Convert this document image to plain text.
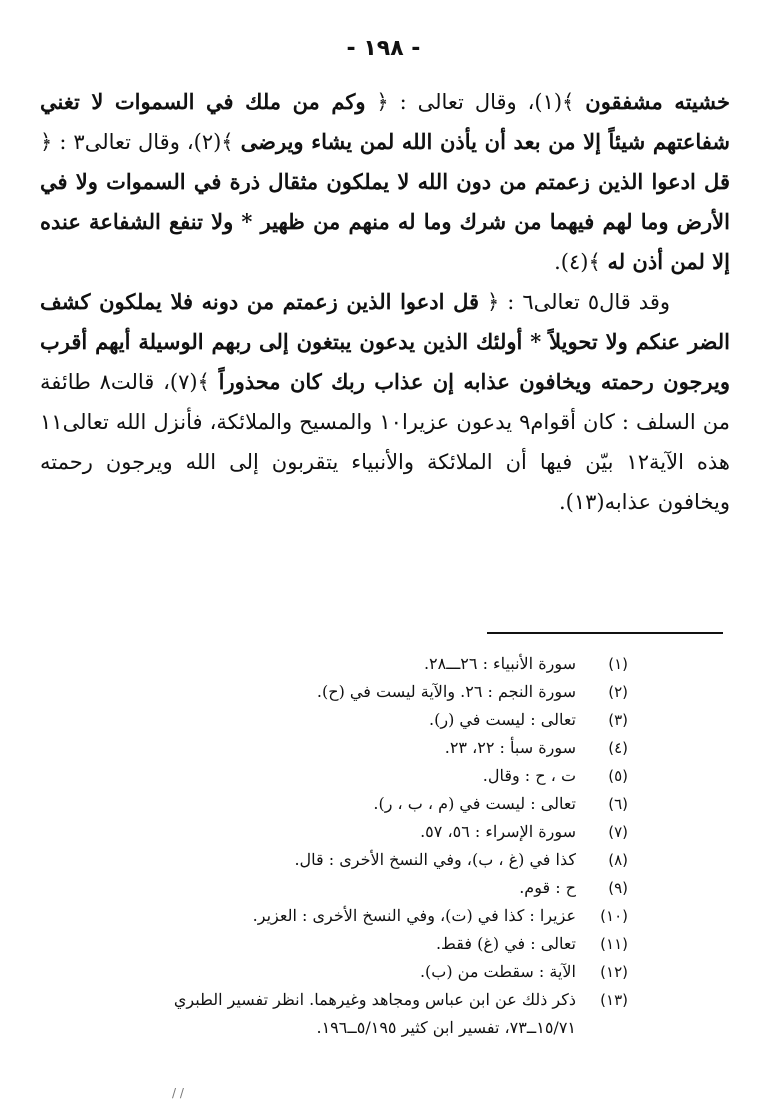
- ١٩٨ -

خشيته مشفقون ﴾(١)، وقال تعالى : ﴿ وكم من ملك في السموات لا تغني شفاعتهم شيئاً إلا من بعد أن يأذن الله لمن يشاء ويرضى ﴾(٢)، وقال تعالى٣ : ﴿ قل ادعوا الذين زعمتم من دون الله لا يملكون مثقال ذرة في السموات ولا في الأرض وما لهم فيهما من شرك وما له منهم من ظهير * ولا تنفع الشفاعة عنده إلا لمن أذن له ﴾(٤).

وقد قال٥ تعالى٦ : ﴿ قل ادعوا الذين زعمتم من دونه فلا يملكون كشف الضر عنكم ولا تحويلاً * أولئك الذين يدعون يبتغون إلى ربهم الوسيلة أيهم أقرب ويرجون رحمته ويخافون عذابه إن عذاب ربك كان محذوراً ﴾(٧)، قالت٨ طائفة من السلف : كان أقوام٩ يدعون عزيرا١٠ والمسيح والملائكة، فأنزل الله تعالى١١ هذه الآية١٢ بيّن فيها أن الملائكة والأنبياء يتقربون إلى الله ويرجون رحمته ويخافون عذابه(١٣).

(١)
سورة الأنبياء : ٢٦ـــ٢٨.
(٢)
سورة النجم : ٢٦. والآية ليست في (ح).
(٣)
تعالى : ليست في (ر).
(٤)
سورة سبأ : ٢٢، ٢٣.
(٥)
ت ، ح : وقال.
(٦)
تعالى : ليست في (م ، ب ، ر).
(٧)
سورة الإسراء : ٥٦، ٥٧.
(٨)
كذا في (غ ، ب)، وفي النسخ الأخرى : قال.
(٩)
ح : قوم.
(١٠)
عزيرا : كذا في (ت)، وفي النسخ الأخرى : العزير.
(١١)
تعالى : في (غ) فقط.
(١٢)
الآية : سقطت من (ب).
(١٣)
ذكر ذلك عن ابن عباس ومجاهد وغيرهما. انظر تفسير الطبري ١٥/٧١ــ٧٣، تفسير ابن كثير ٥/١٩٥ــ١٩٦.
/ /
